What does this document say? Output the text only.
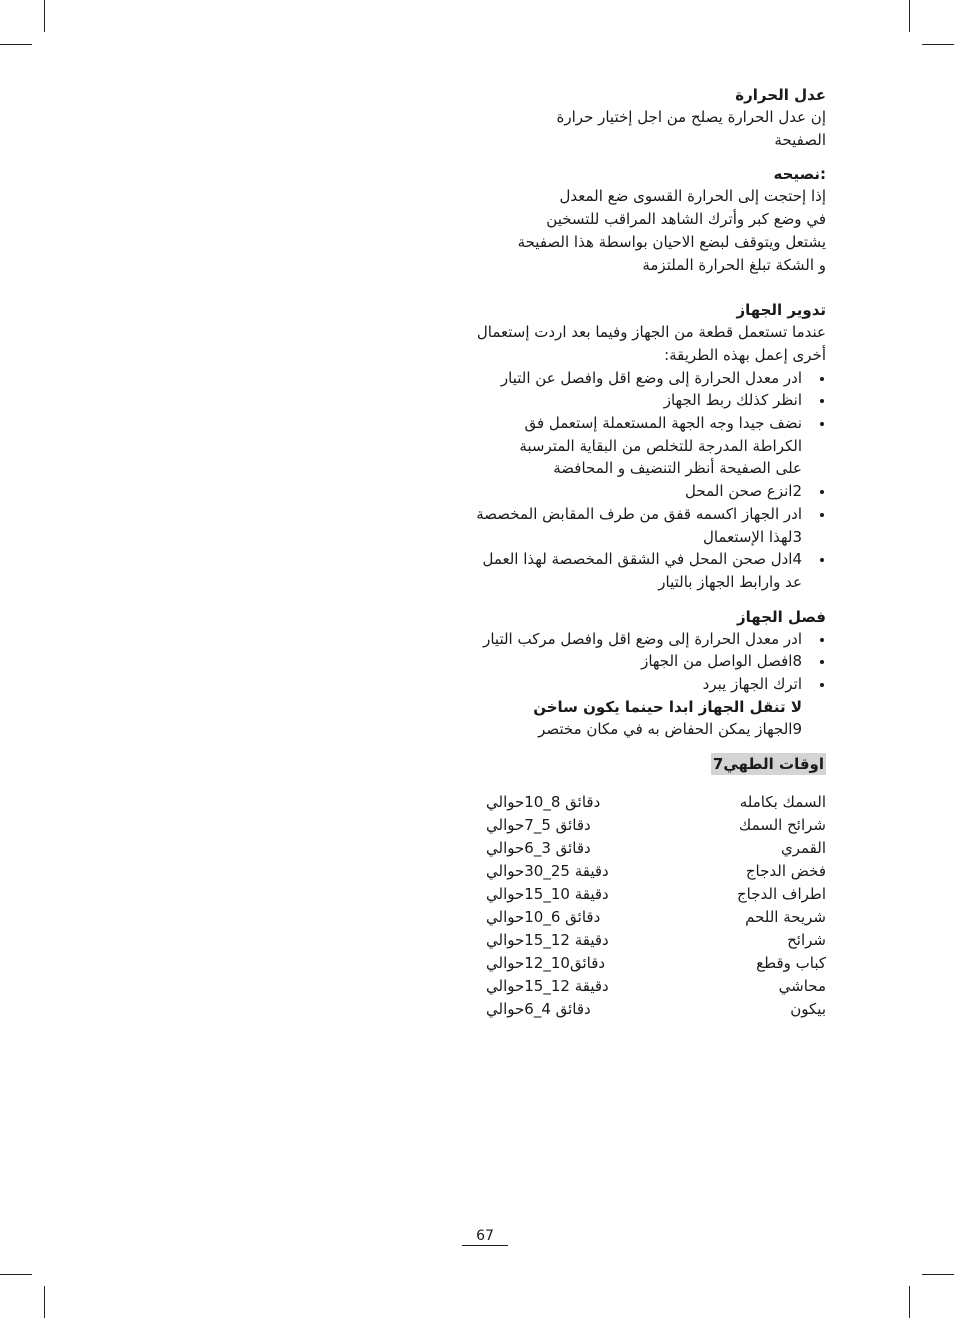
عدل الحرارة

إن عدل الحرارة يصلح من اجل إختيار حرارة

الصفيحة

:نصيحه

إذا إحتجت إلى الحرارة القسوى ضع المعدل

في وضع كبر وأترك الشاهد المراقب للتسخين

يشتعل ويتوقف لبضع الاحيان بواسطة هذا الصفيحة

و الشكة تبلغ الحرارة الملتزمة

تدوير الجهاز

عندما تستعمل قطعة من الجهاز وفيما بعد اردت إستعمال

أخرى إعمل بهذه الطريقة:

ادر معدل الحرارة إلى وضع اقل وافصل عن التيار
انظر كذلك ربط الجهاز
نضف جيدا وجه الجهة المستعملة إستعمل فق
الكراطة المدرجة للتخلص من البقاية المترسبة
على الصفيحة أنظر التنضيف و المحافضة
2انزع صحن المحل
ادر الجهاز اكسمه قفق من طرف المقابض المخصصة
3لهذا الإستعمال
4ادل صحن المحل في الشقق المخصصة لهذا العمل
عد وارابط الجهاز بالتيار

فصل الجهاز

ادر معدل الحرارة إلى وضع اقل وافصل مركب التيار
8افصل الواصل من الجهاز
اترك الجهاز يبرد
لا تنقل الجهاز ابدا حينما يكون ساخن
9الجهاز يمكن الحفاض به في مكان مختصر

اوقات الطهي7

السمك بكامله
شرائح السمك
القمري
فخض الدجاج
اطراف الدجاج
شريحة اللحم
شرائح
كباب وقطع
محاشي
بيكون
دقائق 8_10حوالي
دقائق 5_7حوالي
دقائق 3_6حوالي
دقيقة 25_30حوالي
دقيقة 10_15حوالي
دقائق 6_10حوالي
دقيقة 12_15حوالي
دقائق10_12حوالي
دقيقة 12_15حوالي
دقائق 4_6حوالي
67
